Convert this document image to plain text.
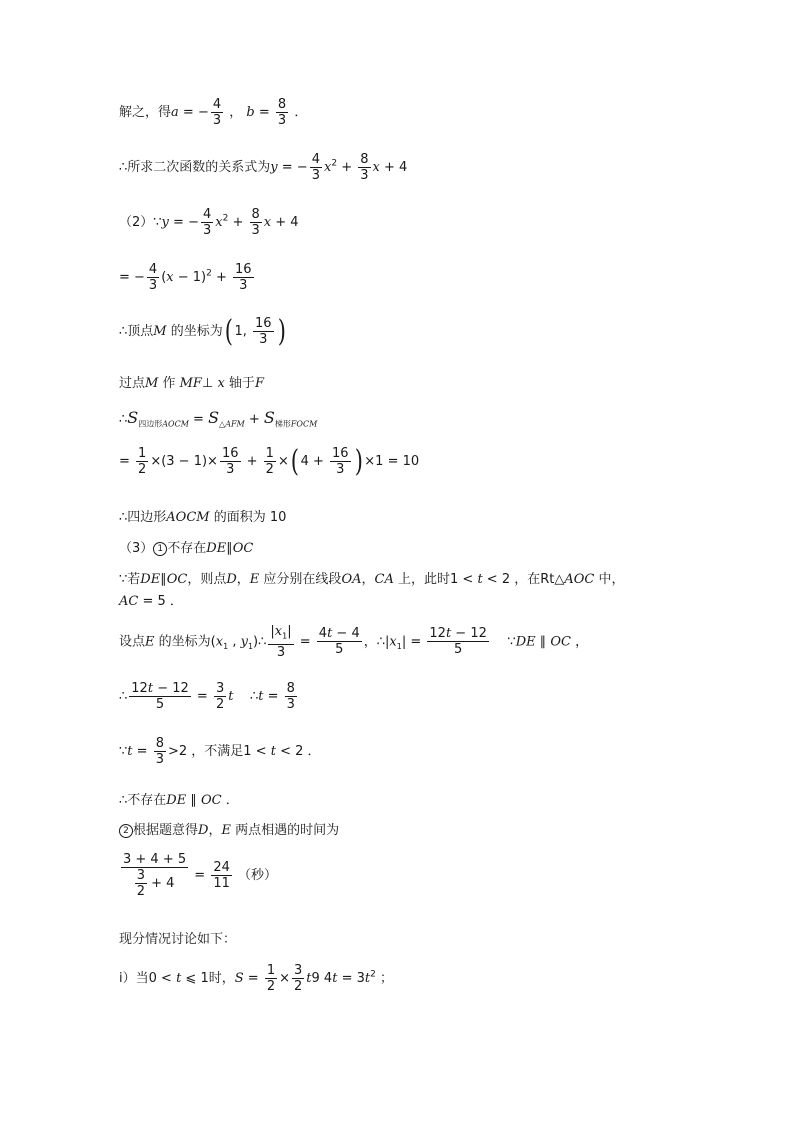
解之，得a = − $\frac{4}{3}$ ， $b = \frac{8}{3}$ ．
∴所求二次函数的关系式为y = − $\frac{4}{3} x^2 + \frac{8}{3}$ x + 4
（2）∵y = − $\frac{4}{3} x^2 + \frac{8}{3}$ x + 4
= − $\frac{4}{3} (x - 1)^2 + \frac{16}{3}$
∴顶点M 的坐标为( 1, $\frac{16}{3}$ )
过点M 作 MF⊥ x 轴于F
$\therefore S_{四边形AOCM} = S_{\triangle AFM} + S_{梯形FOCM}$
= $\frac{1}{2} \times(3 - 1)\times \frac{16}{3} + \frac{1}{2}$ ×( $4 + \frac{16}{3}$ ) ×1 = 10
∴四边形AOCM 的面积为 10
（3） 1 不存在DE∥OC
∵若DE∥OC，则点D，E 应分别在线段OA，CA 上，此时1 < t < 2 ，在Rt△AOC 中，
AC = 5 ．
设点E 的坐标为($x_1$ , $y_1)\therefore \frac{|x_1|}{3} = \frac{4t - 4}{5}$ ，$\therefore|x_1| = \frac{12t - 12}{5}$ ∵DE ∥ OC ，
∴ $\frac{12t - 12}{5} = \frac{3}{2}$ t    ∴t = $\frac{8}{3}$
∵t = $\frac{8}{3} >2$ ，不满足1 < t < 2 ．
∴不存在DE ∥ OC ．
2 根据题意得D，E 两点相遇的时间为
$\frac{3 + 4 + 5}{\frac{3}{2} + 4} = \frac{24}{11}$ （秒）
现分情况讨论如下：
ⅰ）当0 < t ⩽ 1时，$S = \frac{1}{2} \times \frac{3}{2} t9$ $4t = 3t^2$ ；
